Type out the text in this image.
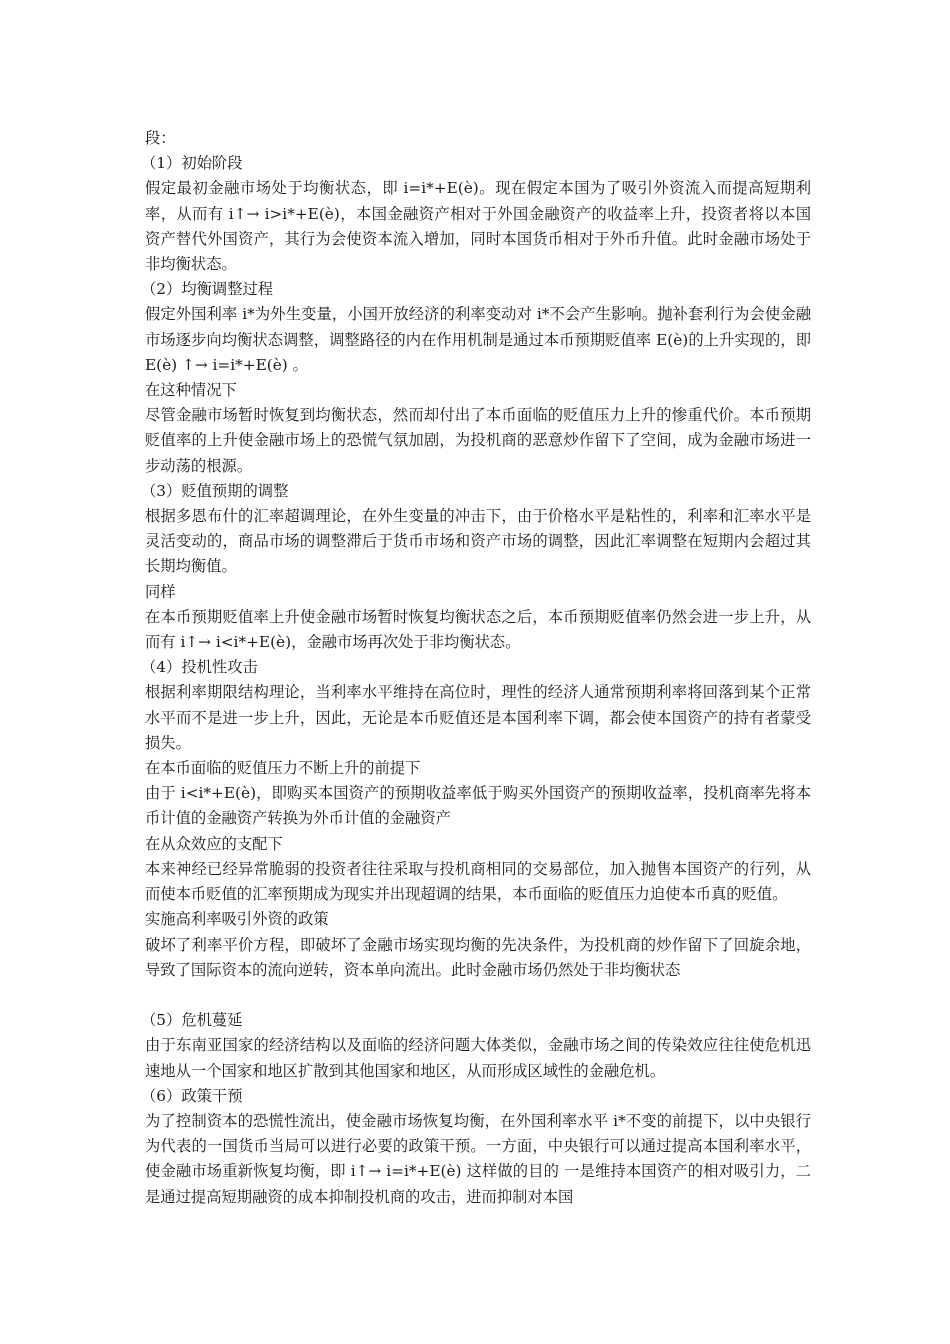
段：

（1）初始阶段

假定最初金融市场处于均衡状态，即 i=i*+E(è)。现在假定本国为了吸引外资流入而提高短期利率，从而有 i↑→ i>i*+E(è)，本国金融资产相对于外国金融资产的收益率上升，投资者将以本国资产替代外国资产，其行为会使资本流入增加，同时本国货币相对于外币升值。此时金融市场处于非均衡状态。

（2）均衡调整过程

假定外国利率 i*为外生变量，小国开放经济的利率变动对 i*不会产生影响。抛补套利行为会使金融市场逐步向均衡状态调整，调整路径的内在作用机制是通过本币预期贬值率 E(è)的上升实现的，即　　E(è) ↑→ i=i*+E(è) 。

在这种情况下

尽管金融市场暂时恢复到均衡状态，然而却付出了本币面临的贬值压力上升的惨重代价。本币预期贬值率的上升使金融市场上的恐慌气氛加剧，为投机商的恶意炒作留下了空间，成为金融市场进一步动荡的根源。

（3）贬值预期的调整

根据多恩布什的汇率超调理论，在外生变量的冲击下，由于价格水平是粘性的，利率和汇率水平是灵活变动的，商品市场的调整滞后于货币市场和资产市场的调整，因此汇率调整在短期内会超过其长期均衡值。

同样

在本币预期贬值率上升使金融市场暂时恢复均衡状态之后，本币预期贬值率仍然会进一步上升，从而有 i↑→ i<i*+E(è)，金融市场再次处于非均衡状态。

（4）投机性攻击

根据利率期限结构理论，当利率水平维持在高位时，理性的经济人通常预期利率将回落到某个正常水平而不是进一步上升，因此，无论是本币贬值还是本国利率下调，都会使本国资产的持有者蒙受损失。

在本币面临的贬值压力不断上升的前提下

由于 i<i*+E(è)，即购买本国资产的预期收益率低于购买外国资产的预期收益率，投机商率先将本币计值的金融资产转换为外币计值的金融资产

在从众效应的支配下

本来神经已经异常脆弱的投资者往往采取与投机商相同的交易部位，加入抛售本国资产的行列，从而使本币贬值的汇率预期成为现实并出现超调的结果，本币面临的贬值压力迫使本币真的贬值。

实施高利率吸引外资的政策

破坏了利率平价方程，即破坏了金融市场实现均衡的先决条件，为投机商的炒作留下了回旋余地，导致了国际资本的流向逆转，资本单向流出。此时金融市场仍然处于非均衡状态

（5）危机蔓延

由于东南亚国家的经济结构以及面临的经济问题大体类似，金融市场之间的传染效应往往使危机迅速地从一个国家和地区扩散到其他国家和地区，从而形成区域性的金融危机。

（6）政策干预

为了控制资本的恐慌性流出，使金融市场恢复均衡，在外国利率水平 i*不变的前提下，以中央银行为代表的一国货币当局可以进行必要的政策干预。一方面，中央银行可以通过提高本国利率水平，使金融市场重新恢复均衡，即 i↑→ i=i*+E(è) 这样做的目的 一是维持本国资产的相对吸引力，二是通过提高短期融资的成本抑制投机商的攻击，进而抑制对本国
